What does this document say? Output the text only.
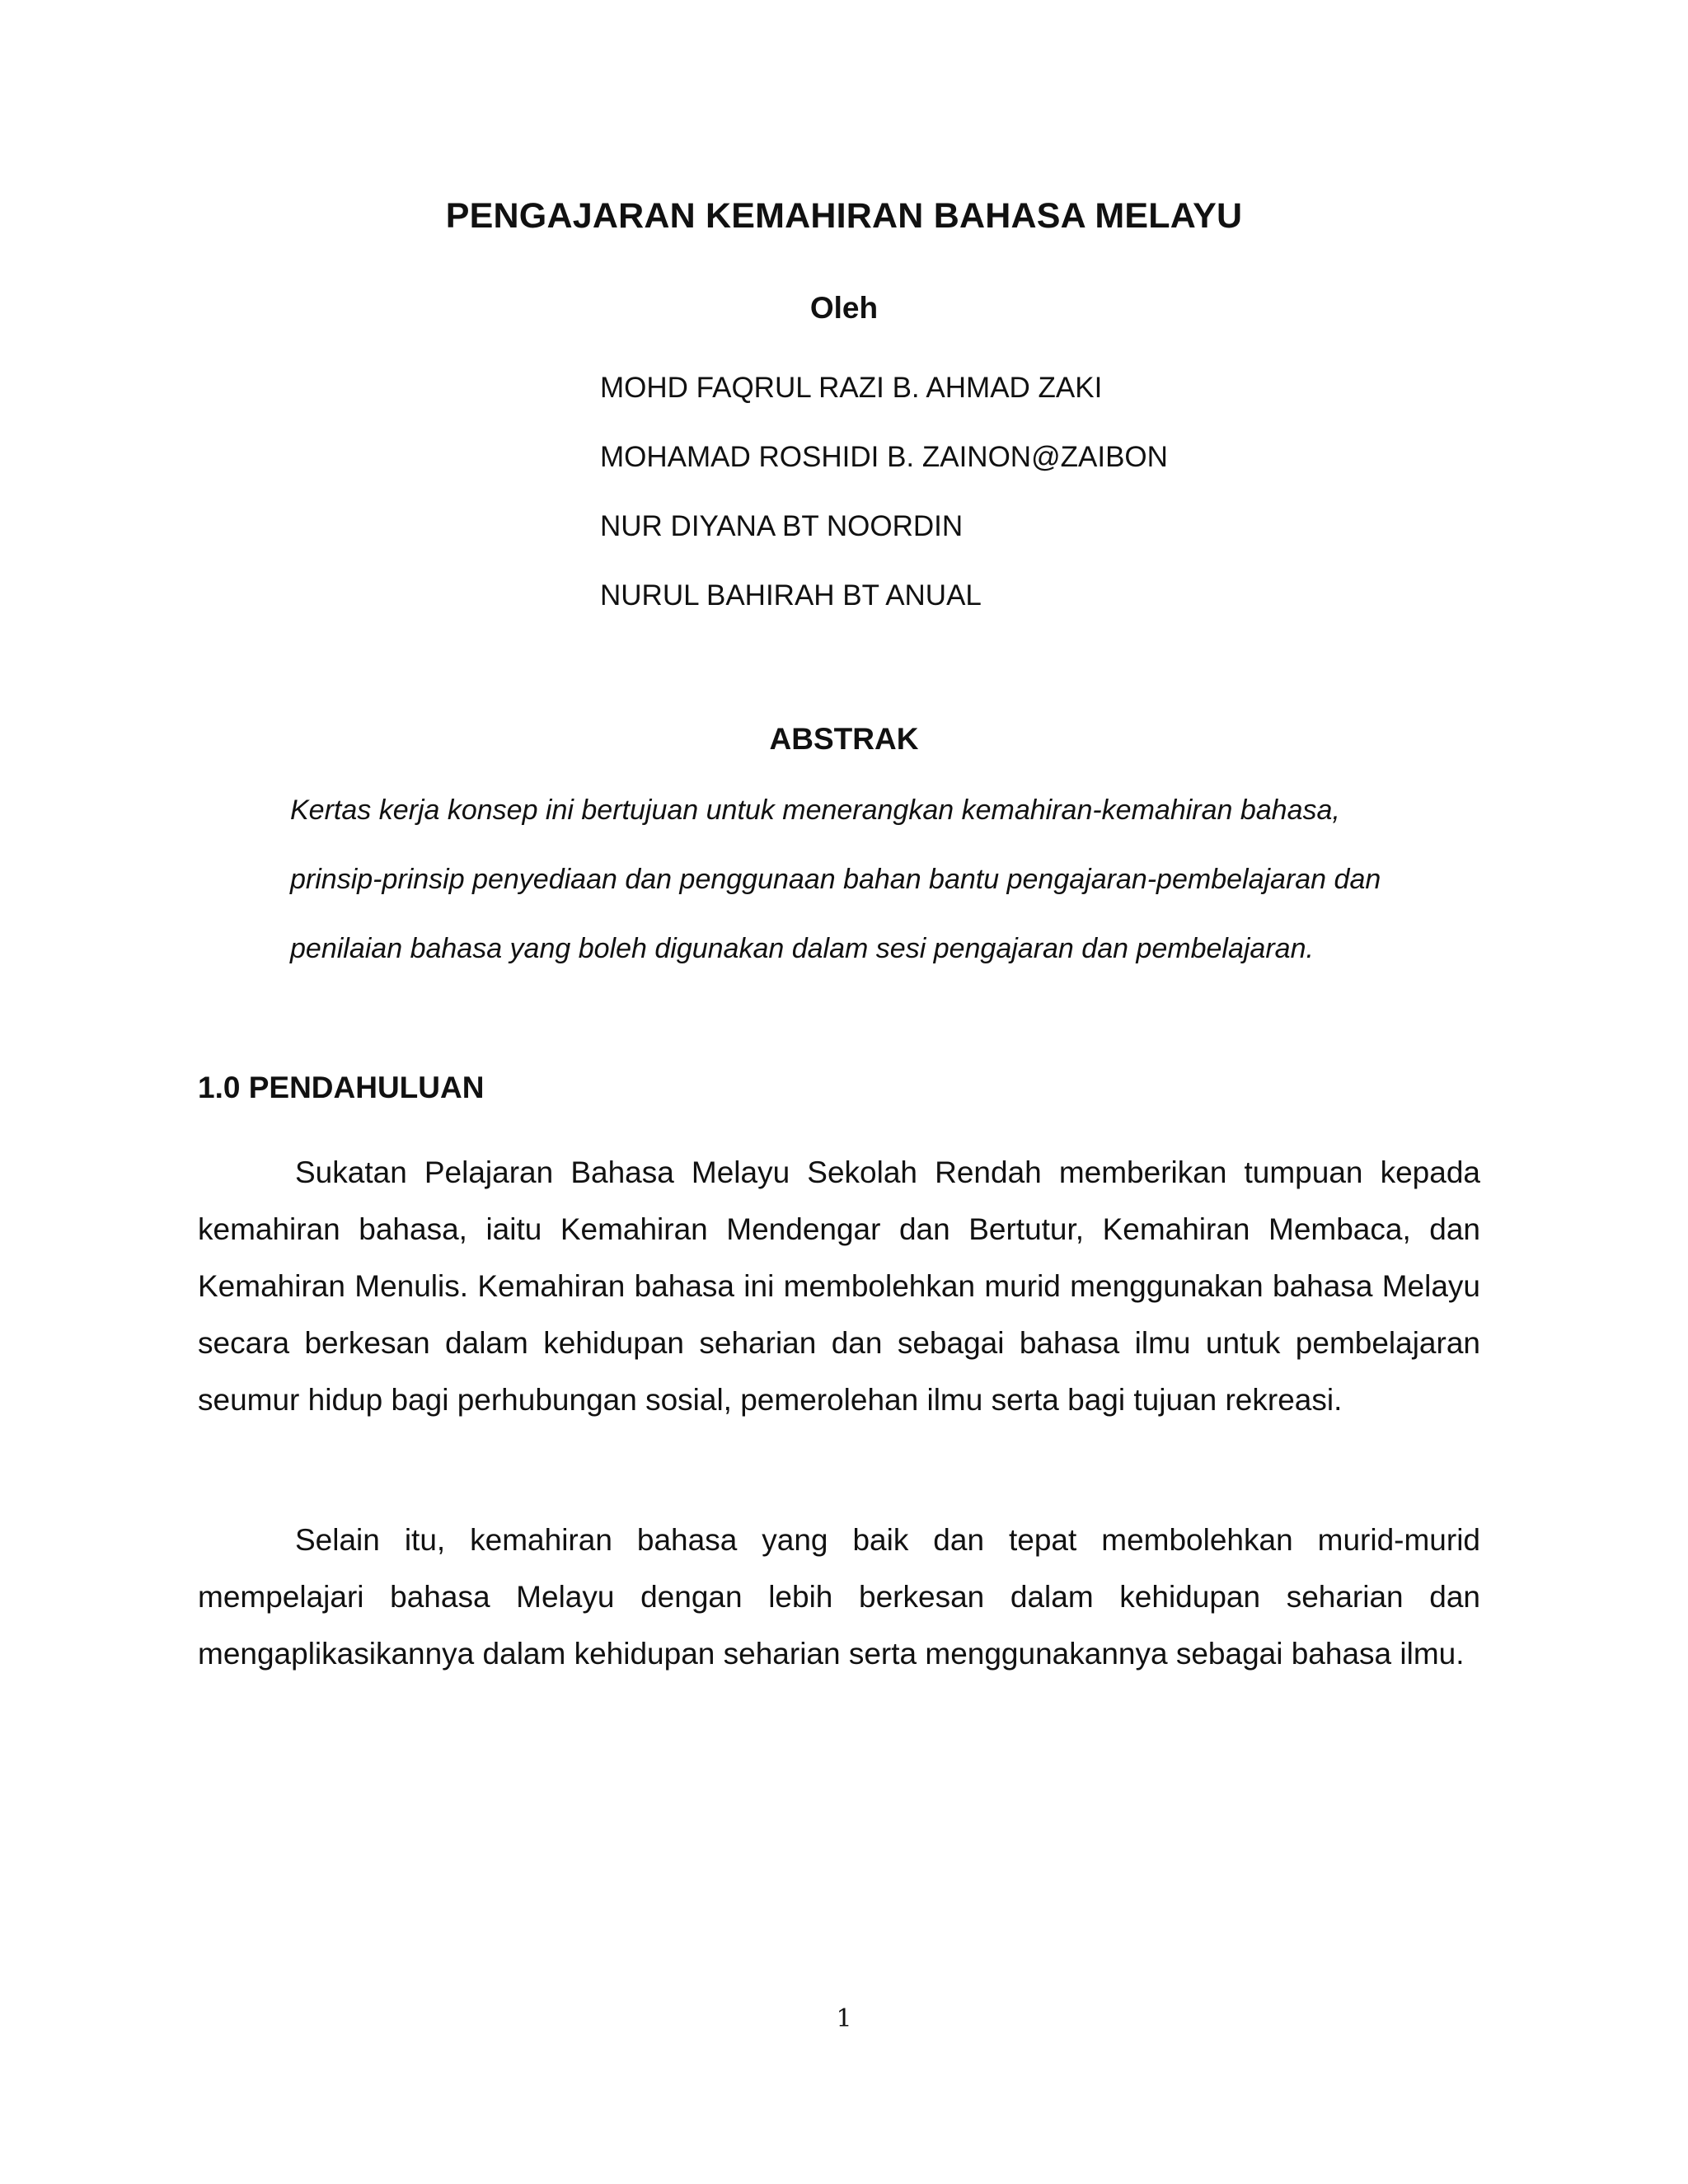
PENGAJARAN KEMAHIRAN BAHASA MELAYU
Oleh
MOHD FAQRUL RAZI B. AHMAD ZAKI
MOHAMAD ROSHIDI B. ZAINON@ZAIBON
NUR DIYANA BT NOORDIN
NURUL BAHIRAH BT ANUAL
ABSTRAK
Kertas kerja konsep ini bertujuan untuk menerangkan kemahiran-kemahiran bahasa,
prinsip-prinsip penyediaan dan penggunaan bahan bantu pengajaran-pembelajaran dan
penilaian bahasa yang boleh digunakan dalam sesi pengajaran dan pembelajaran.
1.0 PENDAHULUAN

Sukatan Pelajaran Bahasa Melayu Sekolah Rendah memberikan tumpuan kepada kemahiran bahasa, iaitu Kemahiran Mendengar dan Bertutur, Kemahiran Membaca, dan Kemahiran Menulis. Kemahiran bahasa ini membolehkan murid menggunakan bahasa Melayu secara berkesan dalam kehidupan seharian dan sebagai bahasa ilmu untuk pembelajaran seumur hidup bagi perhubungan sosial, pemerolehan ilmu serta bagi tujuan rekreasi.

Selain itu, kemahiran bahasa yang baik dan tepat membolehkan murid-murid mempelajari bahasa Melayu dengan lebih berkesan dalam kehidupan seharian dan mengaplikasikannya dalam kehidupan seharian serta menggunakannya sebagai bahasa ilmu.

1
